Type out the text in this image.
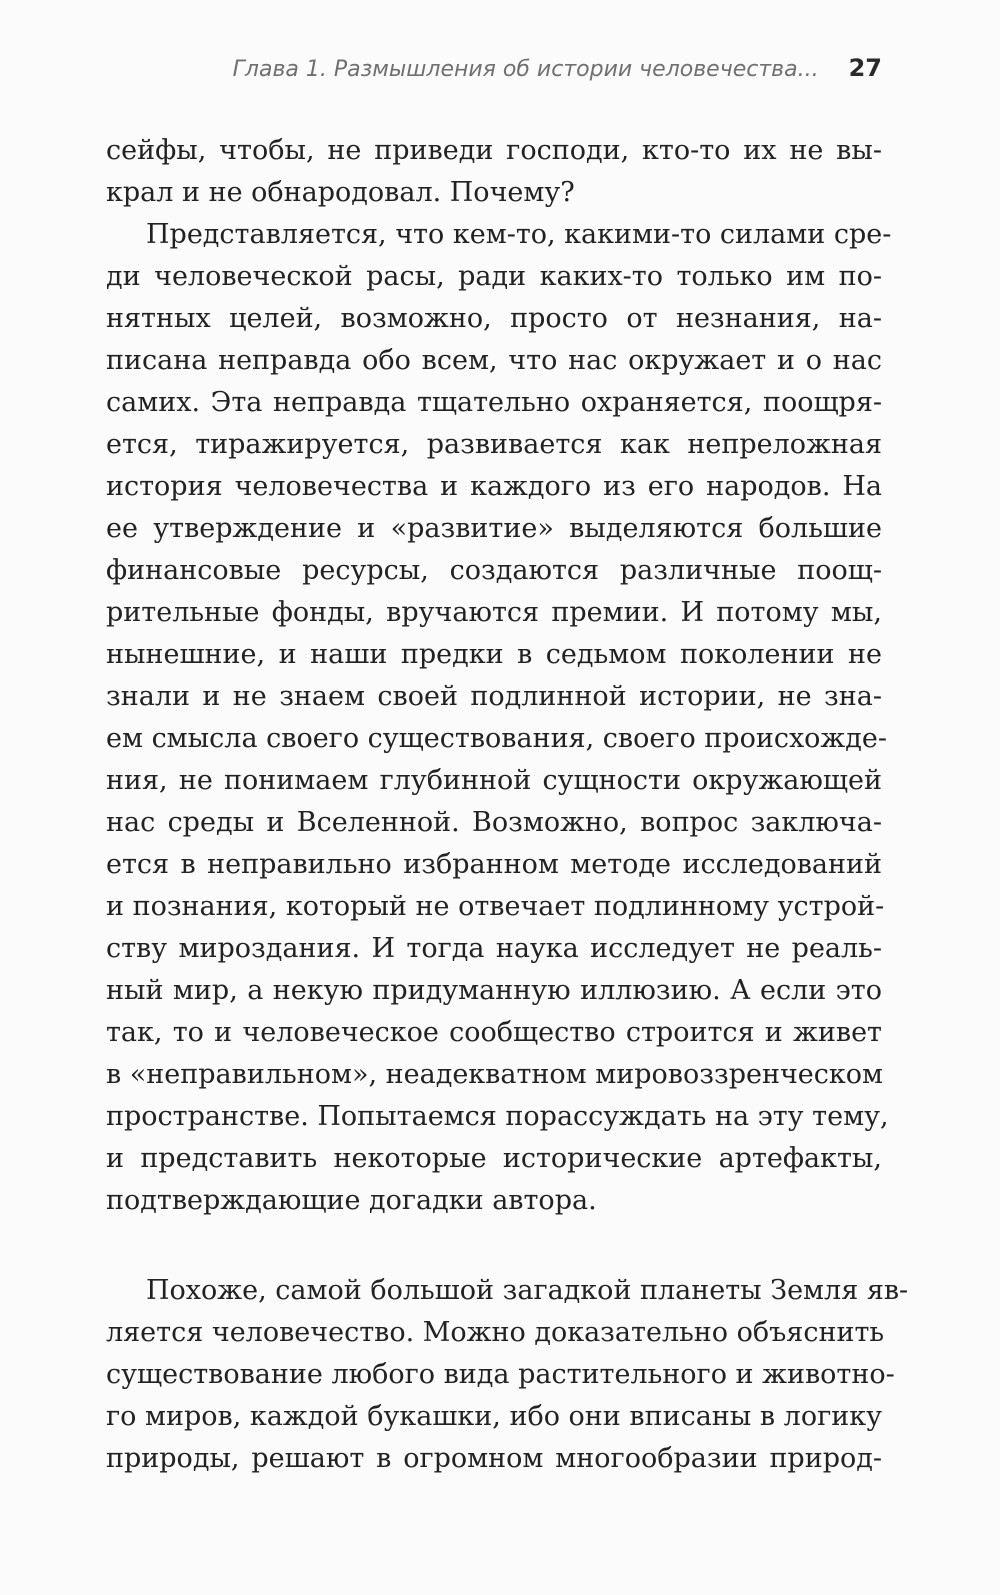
Глава 1. Размышления об истории человечества... 27
сейфы, чтобы, не приведи господи, кто-то их не вы-
крал и не обнародовал. Почему?
Представляется, что кем-то, какими-то силами сре-
ди человеческой расы, ради каких-то только им по-
нятных целей, возможно, просто от незнания, на-
писана неправда обо всем, что нас окружает и о нас
самих. Эта неправда тщательно охраняется, поощря-
ется, тиражируется, развивается как непреложная
история человечества и каждого из его народов. На
ее утверждение и «развитие» выделяются большие
финансовые ресурсы, создаются различные поощ-
рительные фонды, вручаются премии. И потому мы,
нынешние, и наши предки в седьмом поколении не
знали и не знаем своей подлинной истории, не зна-
ем смысла своего существования, своего происхожде-
ния, не понимаем глубинной сущности окружающей
нас среды и Вселенной. Возможно, вопрос заключа-
ется в неправильно избранном методе исследований
и познания, который не отвечает подлинному устрой-
ству мироздания. И тогда наука исследует не реаль-
ный мир, а некую придуманную иллюзию. А если это
так, то и человеческое сообщество строится и живет
в «неправильном», неадекватном мировоззренческом
пространстве. Попытаемся порассуждать на эту тему,
и представить некоторые исторические артефакты,
подтверждающие догадки автора.
Похоже, самой большой загадкой планеты Земля яв-
ляется человечество. Можно доказательно объяснить
существование любого вида растительного и животно-
го миров, каждой букашки, ибо они вписаны в логику
природы, решают в огромном многообразии природ-
